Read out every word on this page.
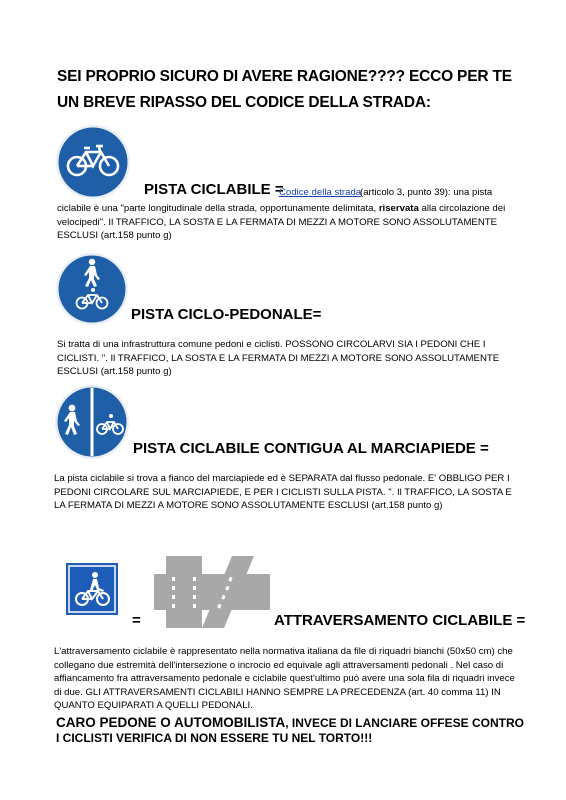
SEI PROPRIO SICURO DI AVERE RAGIONE???? ECCO PER TE UN BREVE RIPASSO DEL CODICE DELLA STRADA:
PISTA CICLABILE =
Codice della strada
(articolo 3, punto 39): una pista
ciclabile è una "parte longitudinale della strada, opportunamente delimitata, riservata alla circolazione dei velocipedi". Il TRAFFICO, LA SOSTA E LA FERMATA DI MEZZI A MOTORE SONO ASSOLUTAMENTE ESCLUSI (art.158 punto g)
PISTA CICLO-PEDONALE=
Si tratta di una infrastruttura comune pedoni e ciclisti. POSSONO CIRCOLARVI SIA I PEDONI CHE I CICLISTI. ". Il TRAFFICO, LA SOSTA E LA FERMATA DI MEZZI A MOTORE SONO ASSOLUTAMENTE ESCLUSI (art.158 punto g)
PISTA CICLABILE CONTIGUA AL MARCIAPIEDE =
La pista ciclabile si trova a fianco del marciapiede ed è SEPARATA dal flusso pedonale. E' OBBLIGO PER I PEDONI CIRCOLARE SUL MARCIAPIEDE, E PER I CICLISTI SULLA PISTA. ". Il TRAFFICO, LA SOSTA E LA FERMATA DI MEZZI A MOTORE SONO ASSOLUTAMENTE ESCLUSI (art.158 punto g)
=	ATTRAVERSAMENTO CICLABILE =
L'attraversamento ciclabile è rappresentato nella normativa italiana da file di riquadri bianchi (50x50 cm) che collegano due estremità dell'intersezione o incrocio ed equivale agli attraversamenti pedonali . Nel caso di affiancamento fra attraversamento pedonale e ciclabile quest'ultimo può avere una sola fila di riquadri invece di due. GLI ATTRAVERSAMENTI CICLABILI HANNO SEMPRE LA PRECEDENZA (art. 40 comma 11) IN QUANTO EQUIPARATI A QUELLI PEDONALI.
CARO PEDONE O AUTOMOBILISTA, INVECE DI LANCIARE OFFESE CONTRO I CICLISTI VERIFICA DI NON ESSERE TU NEL TORTO!!!
